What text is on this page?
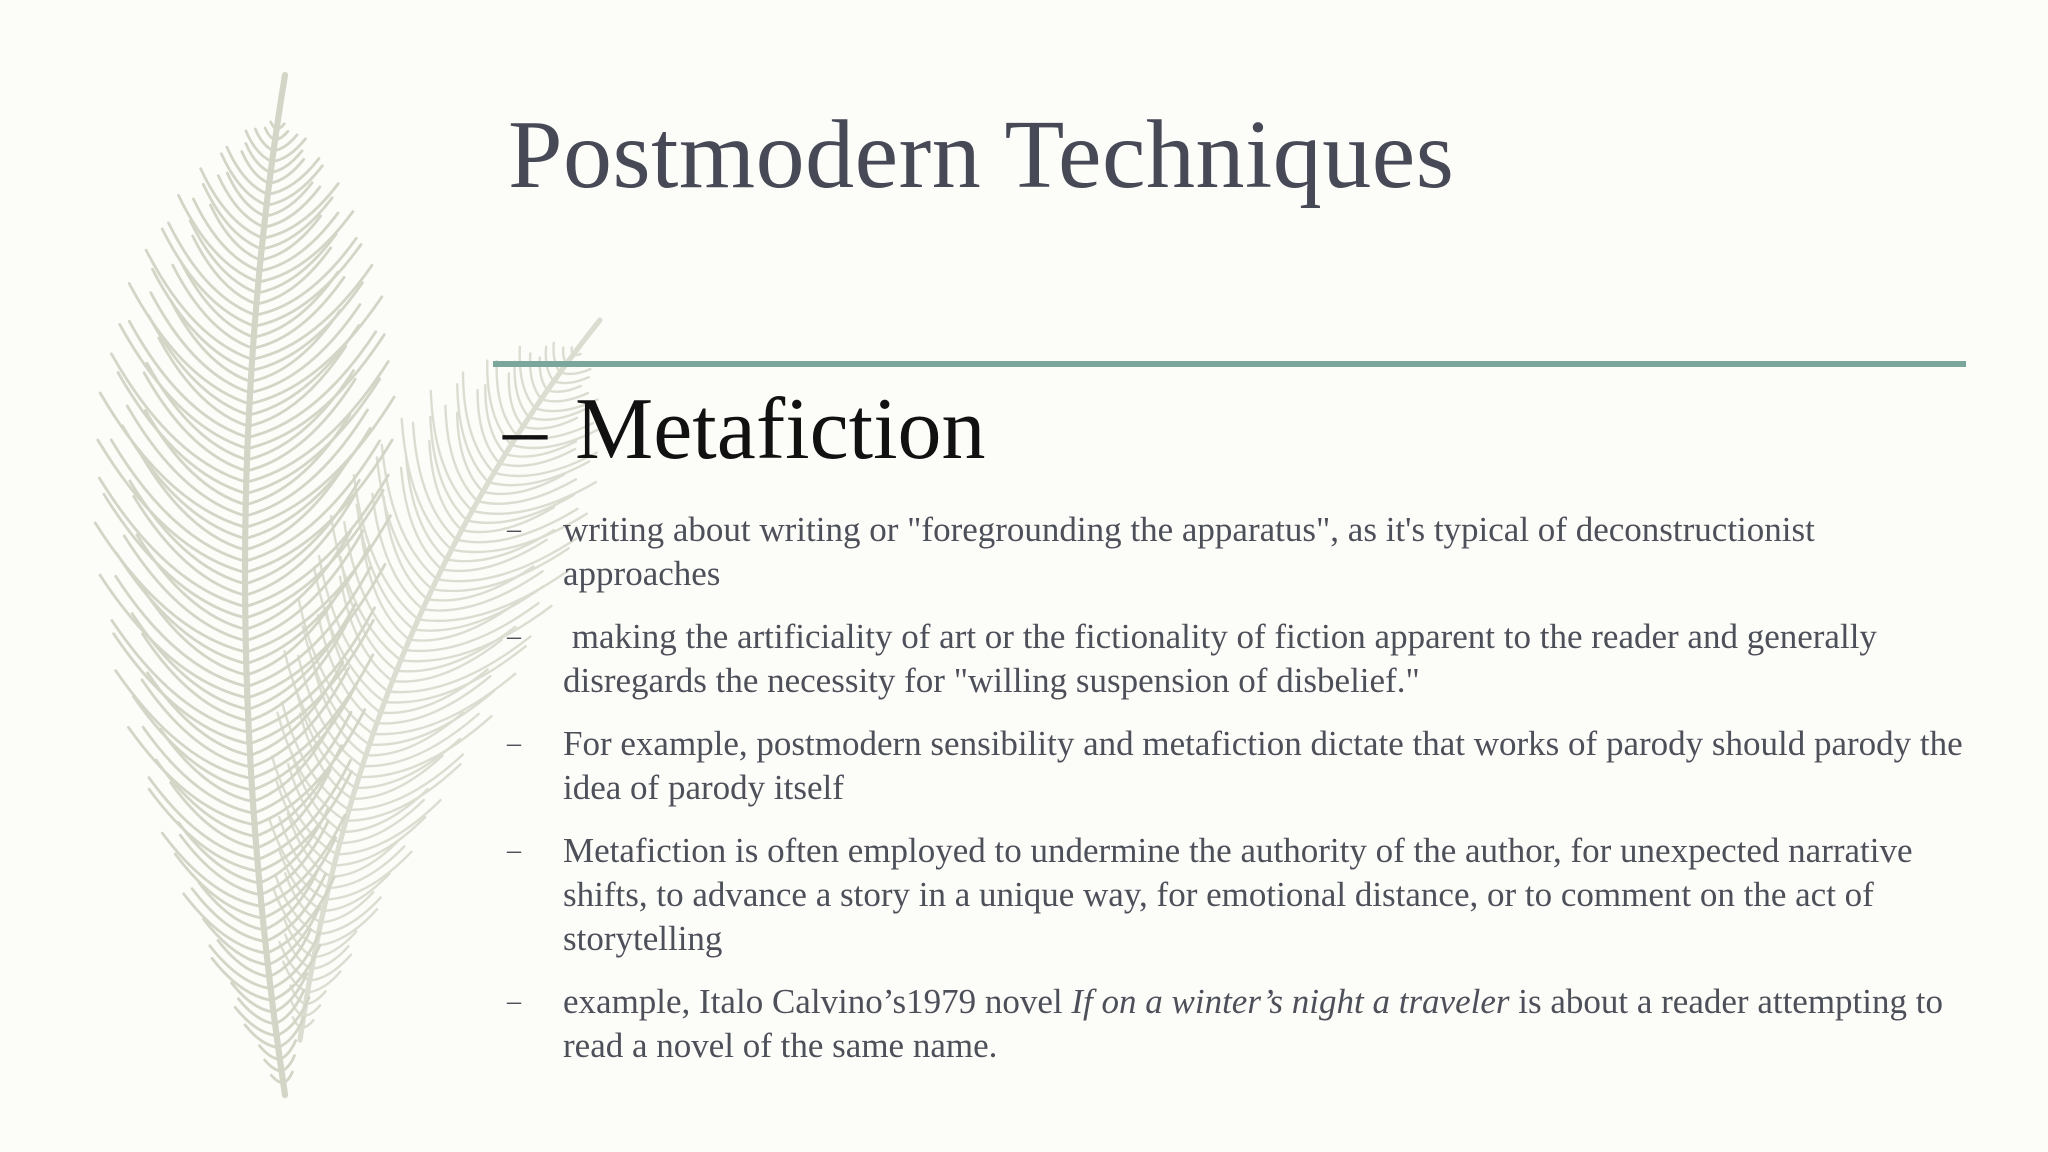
Postmodern Techniques
– Metafiction
– writing about writing or "foregrounding the apparatus", as it's typical of deconstructionist approaches
– making the artificiality of art or the fictionality of fiction apparent to the reader and generally disregards the necessity for "willing suspension of disbelief."
– For example, postmodern sensibility and metafiction dictate that works of parody should parody the idea of parody itself
– Metafiction is often employed to undermine the authority of the author, for unexpected narrative shifts, to advance a story in a unique way, for emotional distance, or to comment on the act of storytelling
– example, Italo Calvino’s1979 novel If on a winter’s night a traveler is about a reader attempting to read a novel of the same name.
